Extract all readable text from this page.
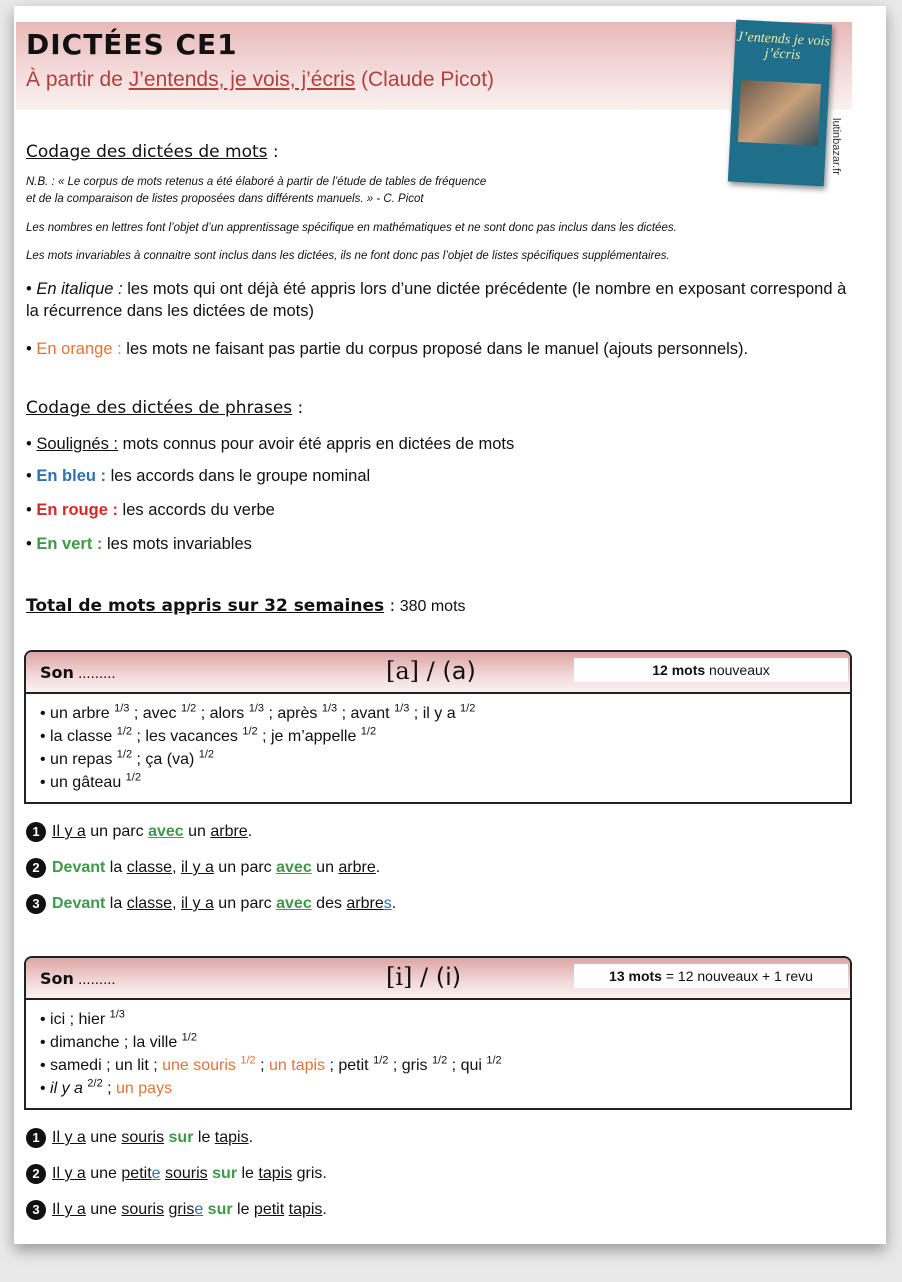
DICTÉES CE1
À partir de J’entends, je vois, j’écris (Claude Picot)
J’entends je vois j’écris
lutinbazar.fr
Codage des dictées de mots :
N.B. : « Le corpus de mots retenus a été élaboré à partir de l’étude de tables de fréquence
et de la comparaison de listes proposées dans différents manuels. » - C. Picot
Les nombres en lettres font l’objet d’un apprentissage spécifique en mathématiques et ne sont donc pas inclus dans les dictées.
Les mots invariables à connaitre sont inclus dans les dictées, ils ne font donc pas l’objet de listes spécifiques supplémentaires.
• En italique : les mots qui ont déjà été appris lors d’une dictée précédente (le nombre en exposant correspond à la récurrence dans les dictées de mots)
• En orange : les mots ne faisant pas partie du corpus proposé dans le manuel (ajouts personnels).
Codage des dictées de phrases :
• Soulignés : mots connus pour avoir été appris en dictées de mots
• En bleu : les accords dans le groupe nominal
• En rouge : les accords du verbe
• En vert : les mots invariables
Total de mots appris sur 32 semaines : 380 mots
Son .........	[a] / (a)	12 mots nouveaux
• un arbre $^{1/3}$ ; avec $^{1/2}$ ; alors $^{1/3}$ ; après $^{1/3}$ ; avant $^{1/3}$ ; il y a $^{1/2}$
• la classe $^{1/2}$ ; les vacances $^{1/2}$ ; je m’appelle $^{1/2}$
• un repas $^{1/2}$ ; ça (va) $^{1/2}$
• un gâteau $^{1/2}$
1 Il y a un parc avec un arbre.
2 Devant la classe, il y a un parc avec un arbre.
3 Devant la classe, il y a un parc avec des arbres.
Son .........	[i] / (i)	13 mots = 12 nouveaux + 1 revu
• ici ; hier $^{1/3}$
• dimanche ; la ville $^{1/2}$
• samedi ; un lit ; une souris $^{1/2}$ ; un tapis ; petit $^{1/2}$ ; gris $^{1/2}$ ; qui $^{1/2}$
• il y a $^{2/2}$ ; un pays
1 Il y a une souris sur le tapis.
2 Il y a une petite souris sur le tapis gris.
3 Il y a une souris grise sur le petit tapis.
